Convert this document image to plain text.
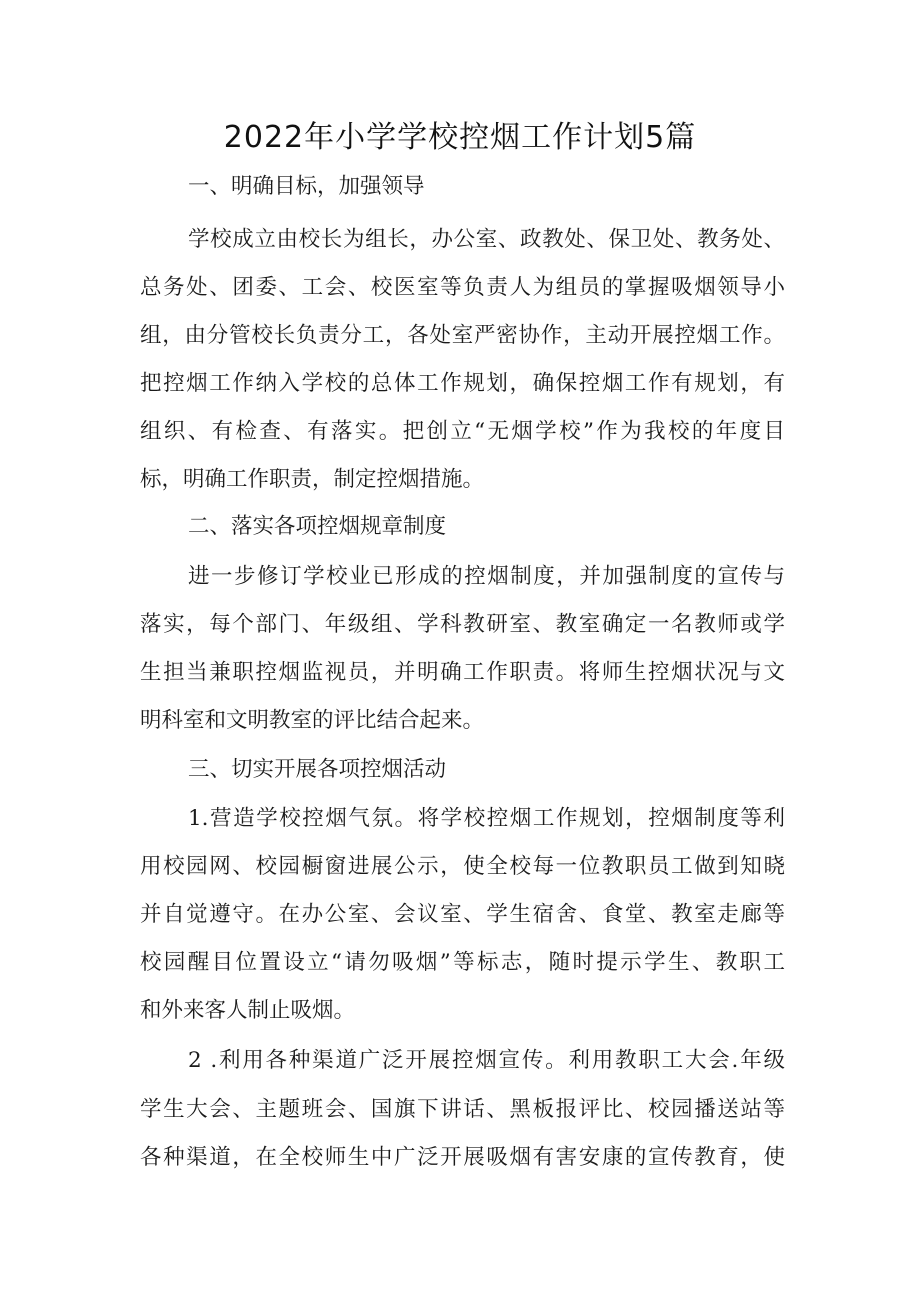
2022年小学学校控烟工作计划5篇
一、明确目标，加强领导
学校成立由校长为组长，办公室、政教处、保卫处、教务处、
总务处、团委、工会、校医室等负责人为组员的掌握吸烟领导小
组，由分管校长负责分工，各处室严密协作，主动开展控烟工作。
把控烟工作纳入学校的总体工作规划，确保控烟工作有规划，有
组织、有检查、有落实。把创立“无烟学校”作为我校的年度目
标，明确工作职责，制定控烟措施。
二、落实各项控烟规章制度
进一步修订学校业已形成的控烟制度，并加强制度的宣传与
落实，每个部门、年级组、学科教研室、教室确定一名教师或学
生担当兼职控烟监视员，并明确工作职责。将师生控烟状况与文
明科室和文明教室的评比结合起来。
三、切实开展各项控烟活动
1.营造学校控烟气氛。将学校控烟工作规划，控烟制度等利
用校园网、校园橱窗进展公示，使全校每一位教职员工做到知晓
并自觉遵守。在办公室、会议室、学生宿舍、食堂、教室走廊等
校园醒目位置设立“请勿吸烟”等标志，随时提示学生、教职工
和外来客人制止吸烟。
2 .利用各种渠道广泛开展控烟宣传。利用教职工大会.年级
学生大会、主题班会、国旗下讲话、黑板报评比、校园播送站等
各种渠道，在全校师生中广泛开展吸烟有害安康的宣传教育，使
